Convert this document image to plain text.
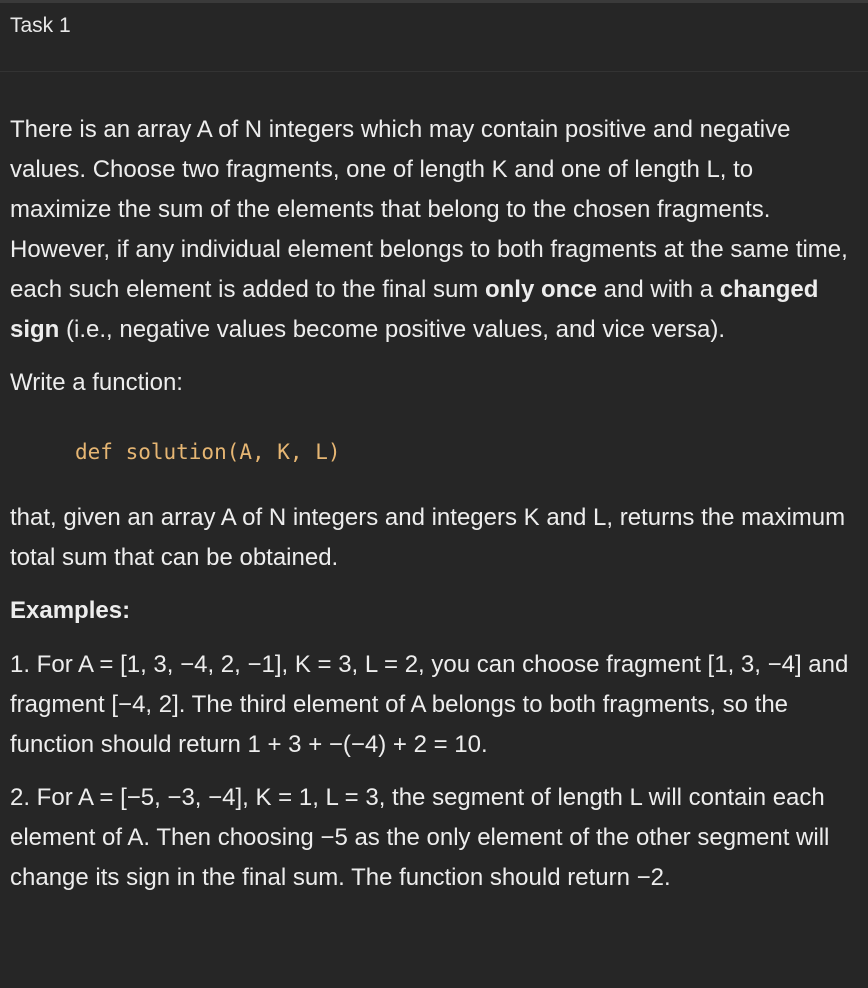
Task 1

There is an array A of N integers which may contain positive and negative values. Choose two fragments, one of length K and one of length L, to maximize the sum of the elements that belong to the chosen fragments. However, if any individual element belongs to both fragments at the same time, each such element is added to the final sum only once and with a changed sign (i.e., negative values become positive values, and vice versa).

Write a function:

def solution(A, K, L)

that, given an array A of N integers and integers K and L, returns the maximum total sum that can be obtained.

Examples:

1. For A = [1, 3, −4, 2, −1], K = 3, L = 2, you can choose fragment [1, 3, −4] and fragment [−4, 2]. The third element of A belongs to both fragments, so the function should return 1 + 3 + −(−4) + 2 = 10.

2. For A = [−5, −3, −4], K = 1, L = 3, the segment of length L will contain each element of A. Then choosing −5 as the only element of the other segment will change its sign in the final sum. The function should return −2.
